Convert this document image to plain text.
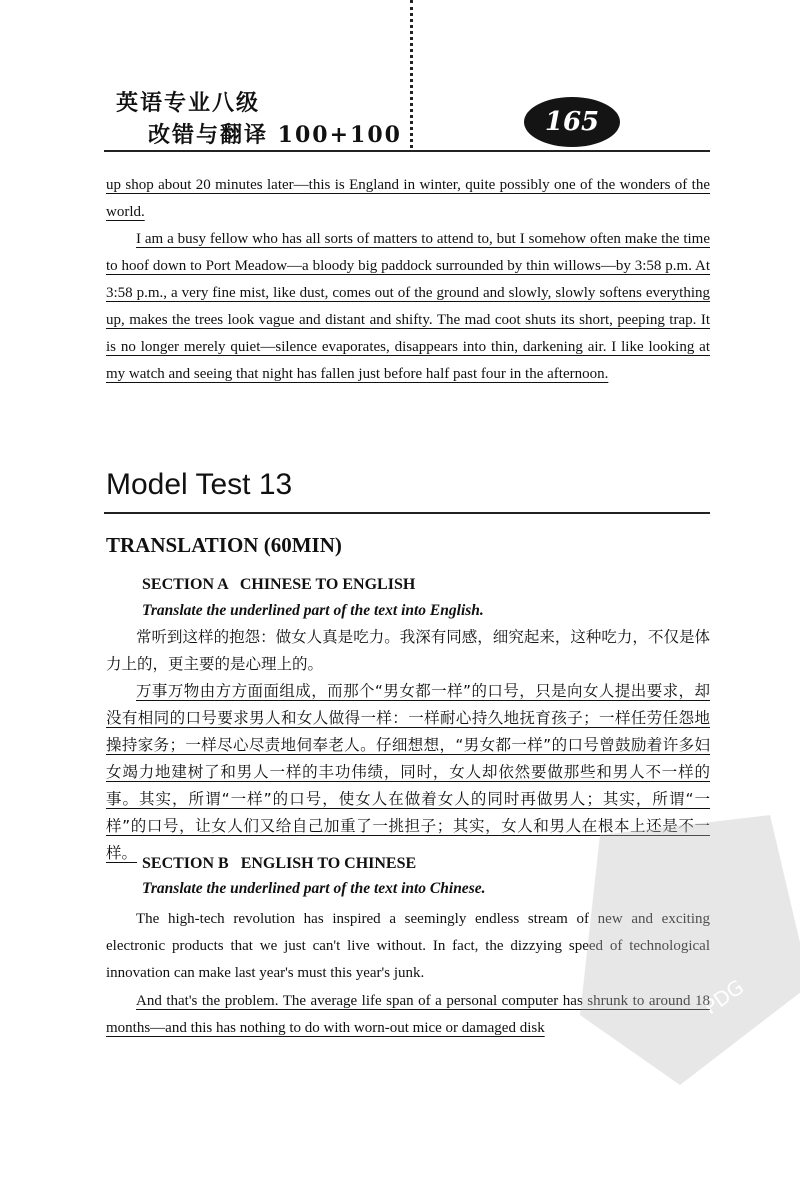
英语专业八级
改错与翻译 100+100	165

up shop about 20 minutes later—this is England in winter, quite possibly one of the wonders of the world.

I am a busy fellow who has all sorts of matters to attend to, but I somehow often make the time to hoof down to Port Meadow—a bloody big paddock surrounded by thin willows—by 3:58 p.m. At 3:58 p.m., a very fine mist, like dust, comes out of the ground and slowly, slowly softens everything up, makes the trees look vague and distant and shifty. The mad coot shuts its short, peeping trap. It is no longer merely quiet—silence evaporates, disappears into thin, darkening air. I like looking at my watch and seeing that night has fallen just before half past four in the afternoon.

Model Test 13
TRANSLATION (60MIN)
SECTION A   CHINESE TO ENGLISH

Translate the underlined part of the text into English.

常听到这样的抱怨：做女人真是吃力。我深有同感，细究起来，这种吃力，不仅是体力上的，更主要的是心理上的。

万事万物由方方面面组成，而那个“男女都一样”的口号，只是向女人提出要求，却没有相同的口号要求男人和女人做得一样：一样耐心持久地抚育孩子；一样任劳任怨地操持家务；一样尽心尽责地伺奉老人。仔细想想，“男女都一样”的口号曾鼓励着许多妇女竭力地建树了和男人一样的丰功伟绩，同时，女人却依然要做那些和男人不一样的事。其实，所谓“一样”的口号，使女人在做着女人的同时再做男人；其实，所谓“一样”的口号，让女人们又给自己加重了一挑担子；其实，女人和男人在根本上还是不一样。

SECTION B   ENGLISH TO CHINESE

Translate the underlined part of the text into Chinese.

The high-tech revolution has inspired a seemingly endless stream of new and exciting electronic products that we just can't live without. In fact, the dizzying speed of technological innovation can make last year's must this year's junk.

And that's the problem. The average life span of a personal computer has shrunk to around 18 months—and this has nothing to do with worn-out mice or damaged disk

PDG
